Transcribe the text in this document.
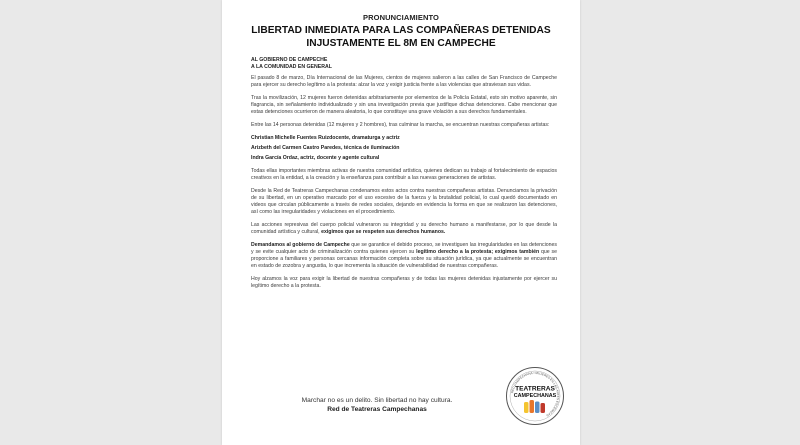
PRONUNCIAMIENTO
LIBERTAD INMEDIATA PARA LAS COMPAÑERAS DETENIDAS
INJUSTAMENTE EL 8M EN CAMPECHE
AL GOBIERNO DE CAMPECHE
A LA COMUNIDAD EN GENERAL

El pasado 8 de marzo, Día Internacional de las Mujeres, cientos de mujeres salieron a las calles de San Francisco de Campeche para ejercer su derecho legítimo a la protesta: alzar la voz y exigir justicia frente a las violencias que atraviesan sus vidas.

Tras la movilización, 12 mujeres fueron detenidas arbitrariamente por elementos de la Policía Estatal, esto sin motivo aparente, sin flagrancia, sin señalamiento individualizado y sin una investigación previa que justifique dichas detenciones. Cabe mencionar que estas detenciones ocurrieron de manera aleatoria, lo que constituye una grave violación a sus derechos fundamentales.

Entre las 14 personas detenidas (12 mujeres y 2 hombres), tras culminar la marcha, se encuentran nuestras compañeras artistas:

Christian Michelle Fuentes Ruizdocente, dramaturga y actriz

Arizbeth del Carmen Castro Paredes, técnica de iluminación

Indra García Ordaz, actriz, docente y agente cultural

Todas ellas importantes miembras activas de nuestra comunidad artística, quienes dedican su trabajo al fortalecimiento de espacios creativos en la entidad, a la creación y la enseñanza para contribuir a las nuevas generaciones de artistas.

Desde la Red de Teatreras Campechanas condenamos estos actos contra nuestras compañeras artistas. Denunciamos la privación de su libertad, en un operativo marcado por el uso excesivo de la fuerza y la brutalidad policial, lo cual quedó documentado en videos que circulan públicamente a través de redes sociales, dejando en evidencia la forma en que se realizaron las detenciones, así como las irregularidades y violaciones en el procedimiento.

Las acciones represivas del cuerpo policial vulneraron su integridad y su derecho humano a manifestarse, por lo que desde la comunidad artística y cultural, exigimos que se respeten sus derechos humanos.

Demandamos al gobierno de Campeche que se garantice el debido proceso, se investiguen las irregularidades en las detenciones y se evite cualquier acto de criminalización contra quienes ejercen su legítimo derecho a la protesta; exigimos también que se proporcione a familiares y personas cercanas información completa sobre su situación jurídica, ya que actualmente se encuentran en estado de zozobra y angustia, lo que incrementa la situación de vulnerabilidad de nuestras compañeras.

Hoy alzamos la voz para exigir la libertad de nuestras compañeras y de todas las mujeres detenidas injustamente por ejercer su legítimo derecho a la protesta.

Marchar no es un delito. Sin libertad no hay cultura.
Red de Teatreras Campechanas
RED CAMPECHANA • MUJERES EN LAS ARTES ESCÉNICAS
TEATRERAS
CAMPECHANAS
